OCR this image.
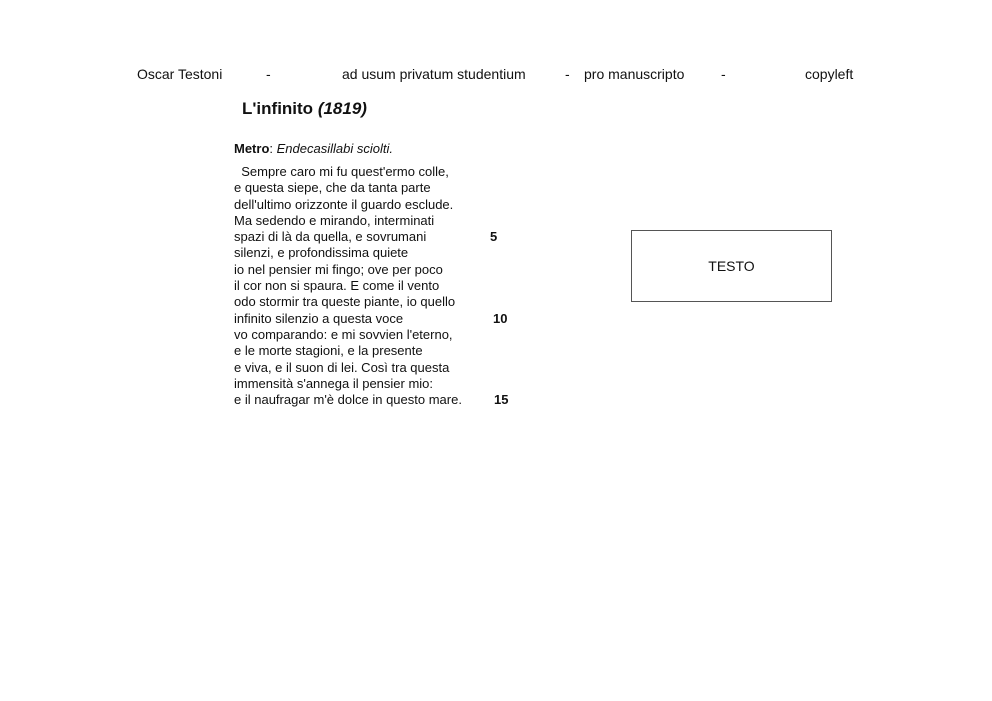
Oscar Testoni	-	ad usum privatum studentium	- pro manuscripto	-	copyleft
L'infinito (1819)
Metro: Endecasillabi sciolti.
Sempre caro mi fu quest'ermo colle,
e questa siepe, che da tanta parte
dell'ultimo orizzonte il guardo esclude.
Ma sedendo e mirando, interminati
spazi di là da quella, e sovrumani	5
silenzi, e profondissima quiete
io nel pensier mi fingo; ove per poco
il cor non si spaura. E come il vento
odo stormir tra queste piante, io quello
infinito silenzio a questa voce	10
vo comparando: e mi sovvien l'eterno,
e le morte stagioni, e la presente
e viva, e il suon di lei. Così tra questa
immensità s'annega il pensier mio:
e il naufragar m'è dolce in questo mare. 15
TESTO
